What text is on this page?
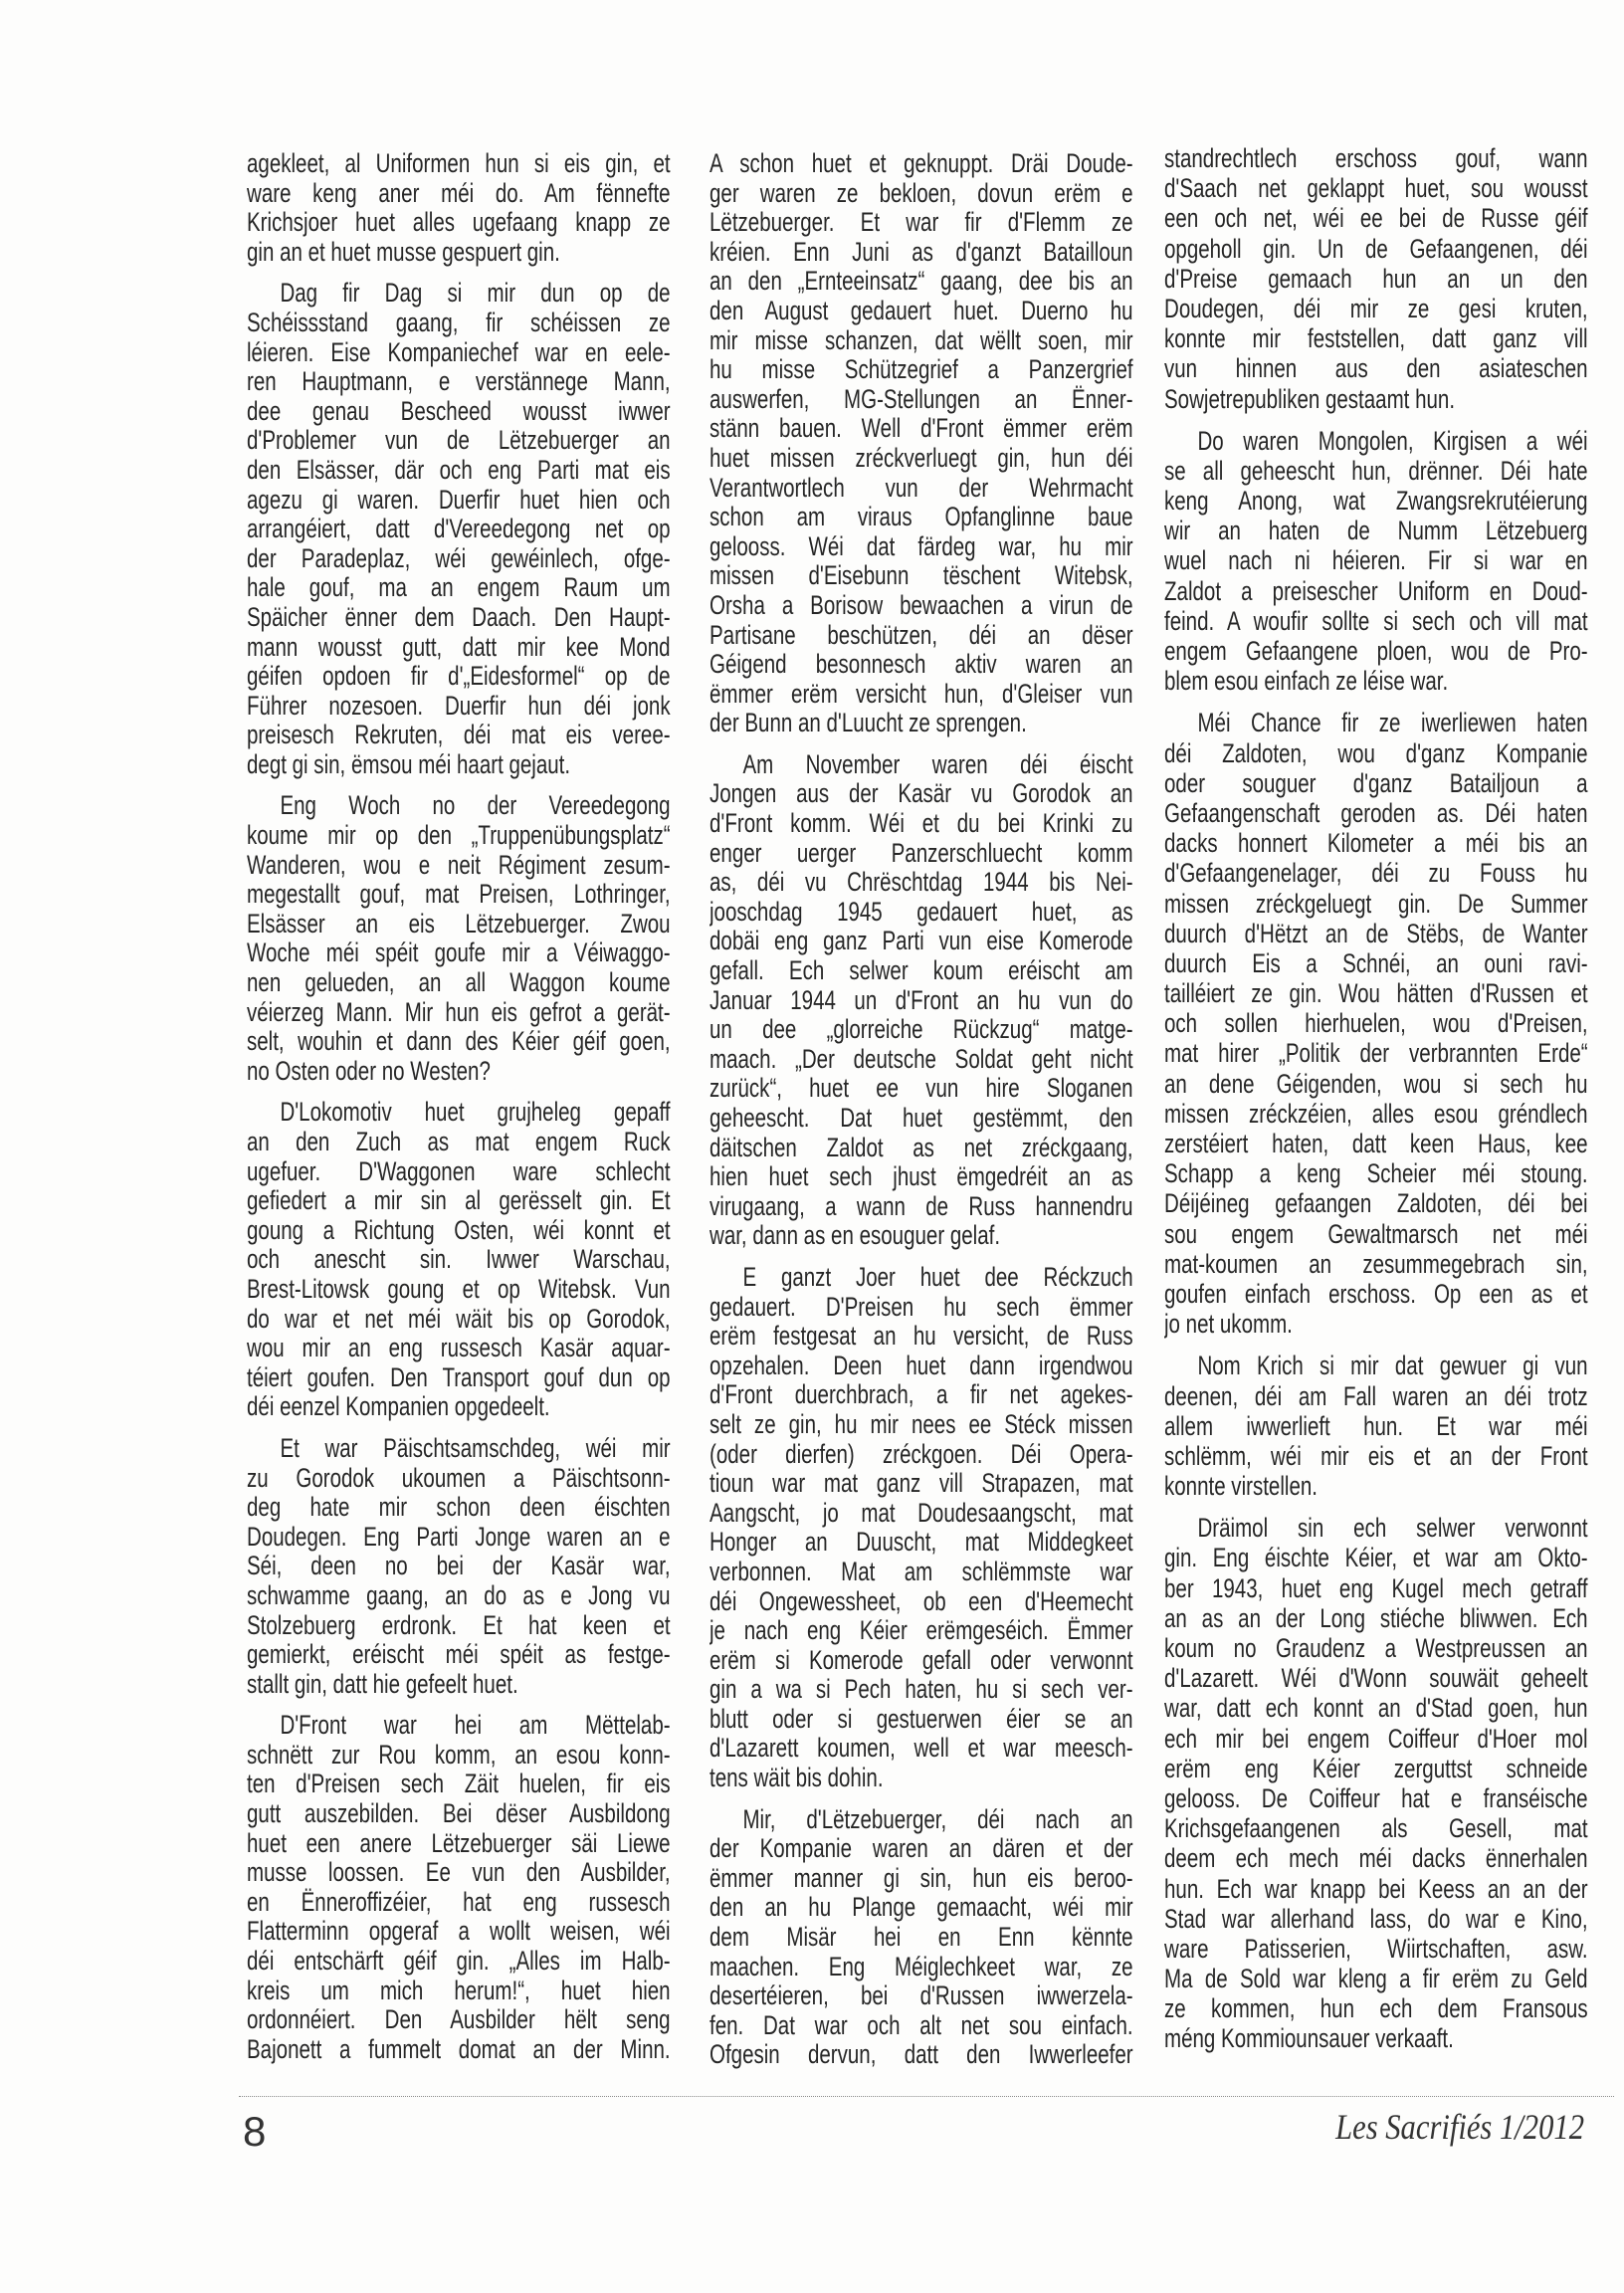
agekleet, al Uniformen hun si eis gin, et
ware keng aner méi do. Am fënnefte
Krichsjoer huet alles ugefaang knapp ze
gin an et huet musse gespuert gin.
Dag fir Dag si mir dun op de
Schéissstand gaang, fir schéissen ze
léieren. Eise Kompaniechef war en eele-
ren Hauptmann, e verstännege Mann,
dee genau Bescheed wousst iwwer
d'Problemer vun de Lëtzebuerger an
den Elsässer, där och eng Parti mat eis
agezu gi waren. Duerfir huet hien och
arrangéiert, datt d'Vereedegong net op
der Paradeplaz, wéi gewéinlech, ofge-
hale gouf, ma an engem Raum um
Späicher ënner dem Daach. Den Haupt-
mann wousst gutt, datt mir kee Mond
géifen opdoen fir d'„Eidesformel“ op de
Führer nozesoen. Duerfir hun déi jonk
preisesch Rekruten, déi mat eis veree-
degt gi sin, ëmsou méi haart gejaut.
Eng Woch no der Vereedegong
koume mir op den „Truppenübungsplatz“
Wanderen, wou e neit Régiment zesum-
megestallt gouf, mat Preisen, Lothringer,
Elsässer an eis Lëtzebuerger. Zwou
Woche méi spéit goufe mir a Véiwaggo-
nen gelueden, an all Waggon koume
véierzeg Mann. Mir hun eis gefrot a gerät-
selt, wouhin et dann des Kéier géif goen,
no Osten oder no Westen?
D'Lokomotiv huet grujheleg gepaff
an den Zuch as mat engem Ruck
ugefuer. D'Waggonen ware schlecht
gefiedert a mir sin al gerësselt gin. Et
goung a Richtung Osten, wéi konnt et
och anescht sin. Iwwer Warschau,
Brest-Litowsk goung et op Witebsk. Vun
do war et net méi wäit bis op Gorodok,
wou mir an eng russesch Kasär aquar-
téiert goufen. Den Transport gouf dun op
déi eenzel Kompanien opgedeelt.
Et war Päischtsamschdeg, wéi mir
zu Gorodok ukoumen a Päischtsonn-
deg hate mir schon deen éischten
Doudegen. Eng Parti Jonge waren an e
Séi, deen no bei der Kasär war,
schwamme gaang, an do as e Jong vu
Stolzebuerg erdronk. Et hat keen et
gemierkt, eréischt méi spéit as festge-
stallt gin, datt hie gefeelt huet.
D'Front war hei am Mëttelab-
schnëtt zur Rou komm, an esou konn-
ten d'Preisen sech Zäit huelen, fir eis
gutt auszebilden. Bei dëser Ausbildong
huet een anere Lëtzebuerger säi Liewe
musse loossen. Ee vun den Ausbilder,
en Ënneroffizéier, hat eng russesch
Flatterminn opgeraf a wollt weisen, wéi
déi entschärft géif gin. „Alles im Halb-
kreis um mich herum!“, huet hien
ordonnéiert. Den Ausbilder hëlt seng
Bajonett a fummelt domat an der Minn.
A schon huet et geknuppt. Dräi Doude-
ger waren ze bekloen, dovun erëm e
Lëtzebuerger. Et war fir d'Flemm ze
kréien. Enn Juni as d'ganzt Batailloun
an den „Ernteeinsatz“ gaang, dee bis an
den August gedauert huet. Duerno hu
mir misse schanzen, dat wëllt soen, mir
hu misse Schützegrief a Panzergrief
auswerfen, MG-Stellungen an Ënner-
stänn bauen. Well d'Front ëmmer erëm
huet missen zréckverluegt gin, hun déi
Verantwortlech vun der Wehrmacht
schon am viraus Opfanglinne baue
gelooss. Wéi dat färdeg war, hu mir
missen d'Eisebunn tëschent Witebsk,
Orsha a Borisow bewaachen a virun de
Partisane beschützen, déi an dëser
Géigend besonnesch aktiv waren an
ëmmer erëm versicht hun, d'Gleiser vun
der Bunn an d'Luucht ze sprengen.
Am November waren déi éischt
Jongen aus der Kasär vu Gorodok an
d'Front komm. Wéi et du bei Krinki zu
enger uerger Panzerschluecht komm
as, déi vu Chrëschtdag 1944 bis Nei-
jooschdag 1945 gedauert huet, as
dobäi eng ganz Parti vun eise Komerode
gefall. Ech selwer koum eréischt am
Januar 1944 un d'Front an hu vun do
un dee „glorreiche Rückzug“ matge-
maach. „Der deutsche Soldat geht nicht
zurück“, huet ee vun hire Sloganen
geheescht. Dat huet gestëmmt, den
däitschen Zaldot as net zréckgaang,
hien huet sech jhust ëmgedréit an as
virugaang, a wann de Russ hannendru
war, dann as en esouguer gelaf.
E ganzt Joer huet dee Réckzuch
gedauert. D'Preisen hu sech ëmmer
erëm festgesat an hu versicht, de Russ
opzehalen. Deen huet dann irgendwou
d'Front duerchbrach, a fir net agekes-
selt ze gin, hu mir nees ee Stéck missen
(oder dierfen) zréckgoen. Déi Opera-
tioun war mat ganz vill Strapazen, mat
Aangscht, jo mat Doudesaangscht, mat
Honger an Duuscht, mat Middegkeet
verbonnen. Mat am schlëmmste war
déi Ongewessheet, ob een d'Heemecht
je nach eng Kéier erëmgeséich. Ëmmer
erëm si Komerode gefall oder verwonnt
gin a wa si Pech haten, hu si sech ver-
blutt oder si gestuerwen éier se an
d'Lazarett koumen, well et war meesch-
tens wäit bis dohin.
Mir, d'Lëtzebuerger, déi nach an
der Kompanie waren an dären et der
ëmmer manner gi sin, hun eis beroo-
den an hu Plange gemaacht, wéi mir
dem Misär hei en Enn kënnte
maachen. Eng Méiglechkeet war, ze
desertéieren, bei d'Russen iwwerzela-
fen. Dat war och alt net sou einfach.
Ofgesin dervun, datt den Iwwerleefer
standrechtlech erschoss gouf, wann
d'Saach net geklappt huet, sou wousst
een och net, wéi ee bei de Russe géif
opgeholl gin. Un de Gefaangenen, déi
d'Preise gemaach hun an un den
Doudegen, déi mir ze gesi kruten,
konnte mir feststellen, datt ganz vill
vun hinnen aus den asiateschen
Sowjetrepubliken gestaamt hun.
Do waren Mongolen, Kirgisen a wéi
se all geheescht hun, drënner. Déi hate
keng Anong, wat Zwangsrekrutéierung
wir an haten de Numm Lëtzebuerg
wuel nach ni héieren. Fir si war en
Zaldot a preisescher Uniform en Doud-
feind. A woufir sollte si sech och vill mat
engem Gefaangene ploen, wou de Pro-
blem esou einfach ze léise war.
Méi Chance fir ze iwerliewen haten
déi Zaldoten, wou d'ganz Kompanie
oder souguer d'ganz Batailjoun a
Gefaangenschaft geroden as. Déi haten
dacks honnert Kilometer a méi bis an
d'Gefaangenelager, déi zu Fouss hu
missen zréckgeluegt gin. De Summer
duurch d'Hëtzt an de Stëbs, de Wanter
duurch Eis a Schnéi, an ouni ravi-
tailléiert ze gin. Wou hätten d'Russen et
och sollen hierhuelen, wou d'Preisen,
mat hirer „Politik der verbrannten Erde“
an dene Géigenden, wou si sech hu
missen zréckzéien, alles esou gréndlech
zerstéiert haten, datt keen Haus, kee
Schapp a keng Scheier méi stoung.
Déijéineg gefaangen Zaldoten, déi bei
sou engem Gewaltmarsch net méi
mat-koumen an zesummegebrach sin,
goufen einfach erschoss. Op een as et
jo net ukomm.
Nom Krich si mir dat gewuer gi vun
deenen, déi am Fall waren an déi trotz
allem iwwerlieft hun. Et war méi
schlëmm, wéi mir eis et an der Front
konnte virstellen.
Dräimol sin ech selwer verwonnt
gin. Eng éischte Kéier, et war am Okto-
ber 1943, huet eng Kugel mech getraff
an as an der Long stiéche bliwwen. Ech
koum no Graudenz a Westpreussen an
d'Lazarett. Wéi d'Wonn souwäit geheelt
war, datt ech konnt an d'Stad goen, hun
ech mir bei engem Coiffeur d'Hoer mol
erëm eng Kéier zerguttst schneide
gelooss. De Coiffeur hat e franséische
Krichsgefaangenen als Gesell, mat
deem ech mech méi dacks ënnerhalen
hun. Ech war knapp bei Keess an an der
Stad war allerhand lass, do war e Kino,
ware Patisserien, Wiirtschaften, asw.
Ma de Sold war kleng a fir erëm zu Geld
ze kommen, hun ech dem Fransous
méng Kommiounsauer verkaaft.
8	Les Sacrifiés 1/2012
